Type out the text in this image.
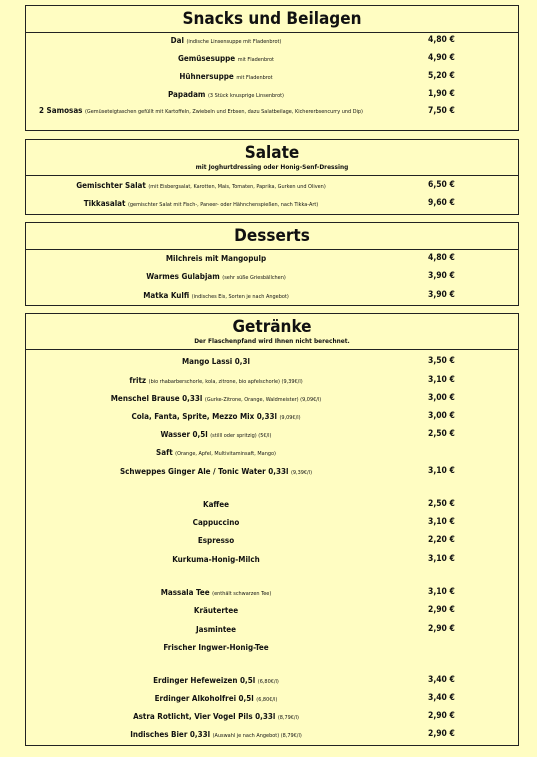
Snacks und Beilagen
Dal (indische Linsensuppe mit Fladenbrot)	4,80 €
Gemüsesuppe mit Fladenbrot	4,90 €
Hühnersuppe mit Fladenbrot	5,20 €
Papadam (3 Stück knusprige Linsenbrot)	1,90 €
2 Samosas (Gemüseteigtaschen gefüllt mit Kartoffeln, Zwiebeln und Erbsen, dazu Salatbeilage, Kichererbsencurry und Dip)	7,50 €
Salate
mit Joghurtdressing oder Honig-Senf-Dressing
Gemischter Salat (mit Eisbergsalat, Karotten, Mais, Tomaten, Paprika, Gurken und Oliven)	6,50 €
Tikkasalat (gemischter Salat mit Fisch-, Paneer- oder Hähnchenspießen, nach Tikka-Art)	9,60 €
Desserts
Milchreis mit Mangopulp	4,80 €
Warmes Gulabjam (sehr süße Griesbällchen)	3,90 €
Matka Kulfi (indisches Eis, Sorten je nach Angebot)	3,90 €
Getränke
Der Flaschenpfand wird Ihnen nicht berechnet.
Mango Lassi 0,3l	3,50 €
fritz (bio rhabarberschorle, kola, zitrone, bio apfelschorle) (9,39€/l)	3,10 €
Menschel Brause 0,33l (Gurke-Zitrone, Orange, Waldmeister) (9,09€/l)	3,00 €
Cola, Fanta, Sprite, Mezzo Mix 0,33l (9,09€/l)	3,00 €
Wasser 0,5l (stilll oder spritzig) (5€/l)	2,50 €
Saft (Orange, Apfel, Multivitaminsaft, Mango)
Schweppes Ginger Ale / Tonic Water 0,33l (9,39€/l)	3,10 €
Kaffee	2,50 €
Cappuccino	3,10 €
Espresso	2,20 €
Kurkuma-Honig-Milch	3,10 €
Massala Tee (enthält schwarzen Tee)	3,10 €
Kräutertee	2,90 €
Jasmintee	2,90 €
Frischer Ingwer-Honig-Tee
Erdinger Hefeweizen 0,5l (6,80€/l)	3,40 €
Erdinger Alkoholfrei 0,5l (6,80€/l)	3,40 €
Astra Rotlicht, Vier Vogel Pils 0,33l (8,79€/l)	2,90 €
Indisches Bier 0,33l (Auswahl je nach Angebot) (8,79€/l)	2,90 €
